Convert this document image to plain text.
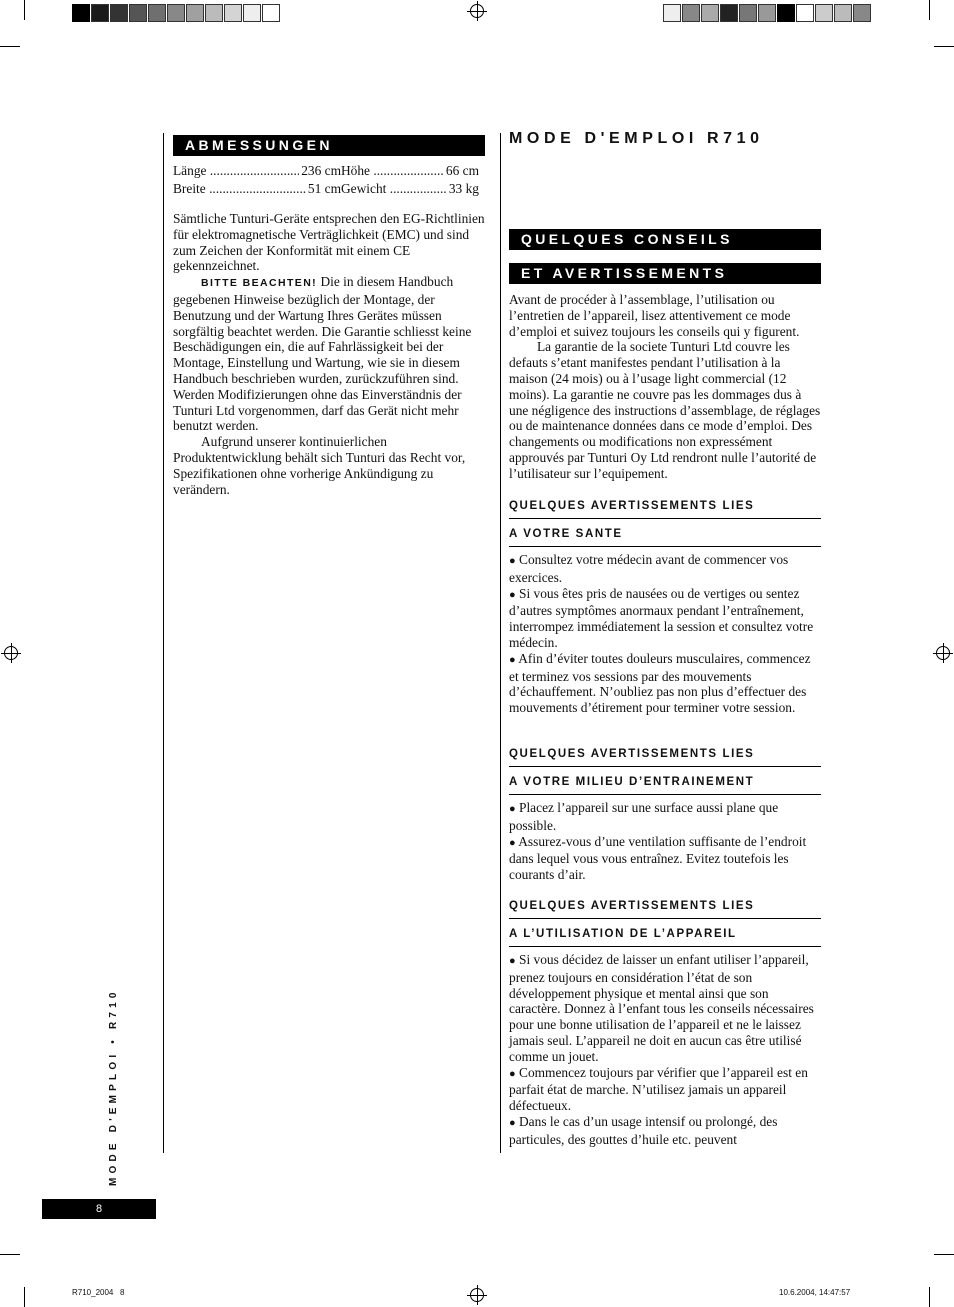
ABMESSUNGEN
Länge .....	236 cm Höhe .....	66 cm
Breite .....	51 cm Gewicht .....	33 kg

Sämtliche Tunturi-Geräte entsprechen den EG-Richtlinien für elektromagnetische Verträglichkeit (EMC) und sind zum Zeichen der Konformität mit einem CE gekennzeichnet.

BITTE BEACHTEN! Die in diesem Handbuch gegebenen Hinweise bezüglich der Montage, der Benutzung und der Wartung Ihres Gerätes müssen sorgfältig beachtet werden. Die Garantie schliesst keine Beschädigungen ein, die auf Fahrlässigkeit bei der Montage, Einstellung und Wartung, wie sie in diesem Handbuch beschrieben wurden, zurückzuführen sind. Werden Modifizierungen ohne das Einverständnis der Tunturi Ltd vorgenommen, darf das Gerät nicht mehr benutzt werden.

Aufgrund unserer kontinuierlichen Produktentwicklung behält sich Tunturi das Recht vor, Spezifikationen ohne vorherige Ankündigung zu verändern.

MODE D'EMPLOI R710
QUELQUES CONSEILS
ET AVERTISSEMENTS

Avant de procéder à l’assemblage, l’utilisation ou l’entretien de l’appareil, lisez attentivement ce mode d’emploi et suivez toujours les conseils qui y figurent.

La garantie de la societe Tunturi Ltd couvre les defauts s’etant manifestes pendant l’utilisation à la maison (24 mois) ou à l’usage light commercial (12 moins). La garantie ne couvre pas les dommages dus à une négligence des instructions d’assemblage, de réglages ou de maintenance données dans ce mode d’emploi. Des changements ou modifications non expressément approuvés par Tunturi Oy Ltd rendront nulle l’autorité de l’utilisateur sur l’equipement.

QUELQUES AVERTISSEMENTS LIES
A VOTRE SANTE

● Consultez votre médecin avant de commencer vos exercices.

● Si vous êtes pris de nausées ou de vertiges ou sentez d’autres symptômes anormaux pendant l’entraînement, interrompez immédiatement la session et consultez votre médecin.

● Afin d’éviter toutes douleurs musculaires, commencez et terminez vos sessions par des mouvements d’échauffement. N’oubliez pas non plus d’effectuer des mouvements d’étirement pour terminer votre session.

QUELQUES AVERTISSEMENTS LIES
A VOTRE MILIEU D’ENTRAINEMENT

● Placez l’appareil sur une surface aussi plane que possible.

● Assurez-vous d’une ventilation suffisante de l’endroit dans lequel vous vous entraînez. Evitez toutefois les courants d’air.

QUELQUES AVERTISSEMENTS LIES
A L’UTILISATION DE L’APPAREIL

● Si vous décidez de laisser un enfant utiliser l’appareil, prenez toujours en considération l’état de son développement physique et mental ainsi que son caractère. Donnez à l’enfant tous les conseils nécessaires pour une bonne utilisation de l’appareil et ne le laissez jamais seul. L’appareil ne doit en aucun cas être utilisé comme un jouet.

● Commencez toujours par vérifier que l’appareil est en parfait état de marche. N’utilisez jamais un appareil défectueux.

● Dans le cas d’un usage intensif ou prolongé, des particules, des gouttes d’huile etc. peuvent

MODE D'EMPLOI • R710
8
R710_2004   8	10.6.2004, 14:47:57
